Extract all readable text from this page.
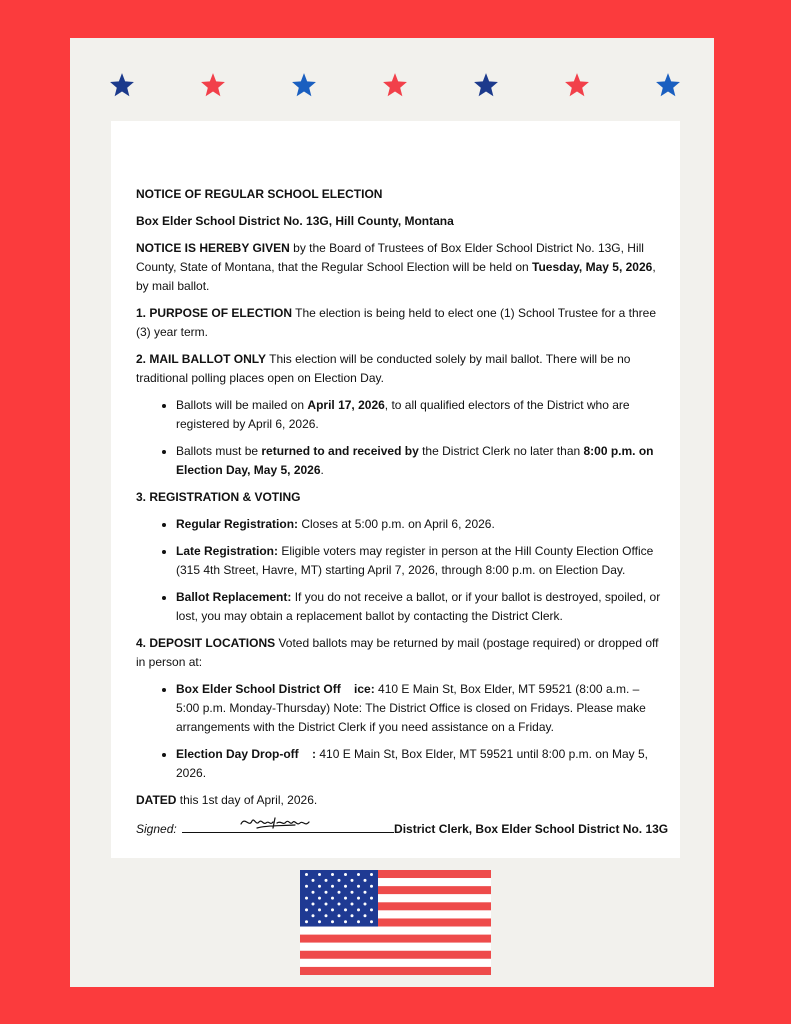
NOTICE OF REGULAR SCHOOL ELECTION

Box Elder School District No. 13G, Hill County, Montana

NOTICE IS HEREBY GIVEN by the Board of Trustees of Box Elder School District No. 13G, Hill County, State of Montana, that the Regular School Election will be held on Tuesday, May 5, 2026, by mail ballot.

1. PURPOSE OF ELECTION The election is being held to elect one (1) School Trustee for a three (3) year term.

2. MAIL BALLOT ONLY This election will be conducted solely by mail ballot. There will be no traditional polling places open on Election Day.

• Ballots will be mailed on April 17, 2026, to all qualified electors of the District who are registered by April 6, 2026.
• Ballots must be returned to and received by the District Clerk no later than 8:00 p.m. on Election Day, May 5, 2026.

3. REGISTRATION & VOTING

• Regular Registration: Closes at 5:00 p.m. on April 6, 2026.
• Late Registration: Eligible voters may register in person at the Hill County Election Office (315 4th Street, Havre, MT) starting April 7, 2026, through 8:00 p.m. on Election Day.
• Ballot Replacement: If you do not receive a ballot, or if your ballot is destroyed, spoiled, or lost, you may obtain a replacement ballot by contacting the District Clerk.

4. DEPOSIT LOCATIONS Voted ballots may be returned by mail (postage required) or dropped off in person at:

• Box Elder School District Off    ice: 410 E Main St, Box Elder, MT 59521 (8:00 a.m. – 5:00 p.m. Monday-Thursday) Note: The District Office is closed on Fridays. Please make arrangements with the District Clerk if you need assistance on a Friday.
• Election Day Drop-off    : 410 E Main St, Box Elder, MT 59521 until 8:00 p.m. on May 5, 2026.

DATED this 1st day of April, 2026.

Signed:	District Clerk, Box Elder School District No. 13G
